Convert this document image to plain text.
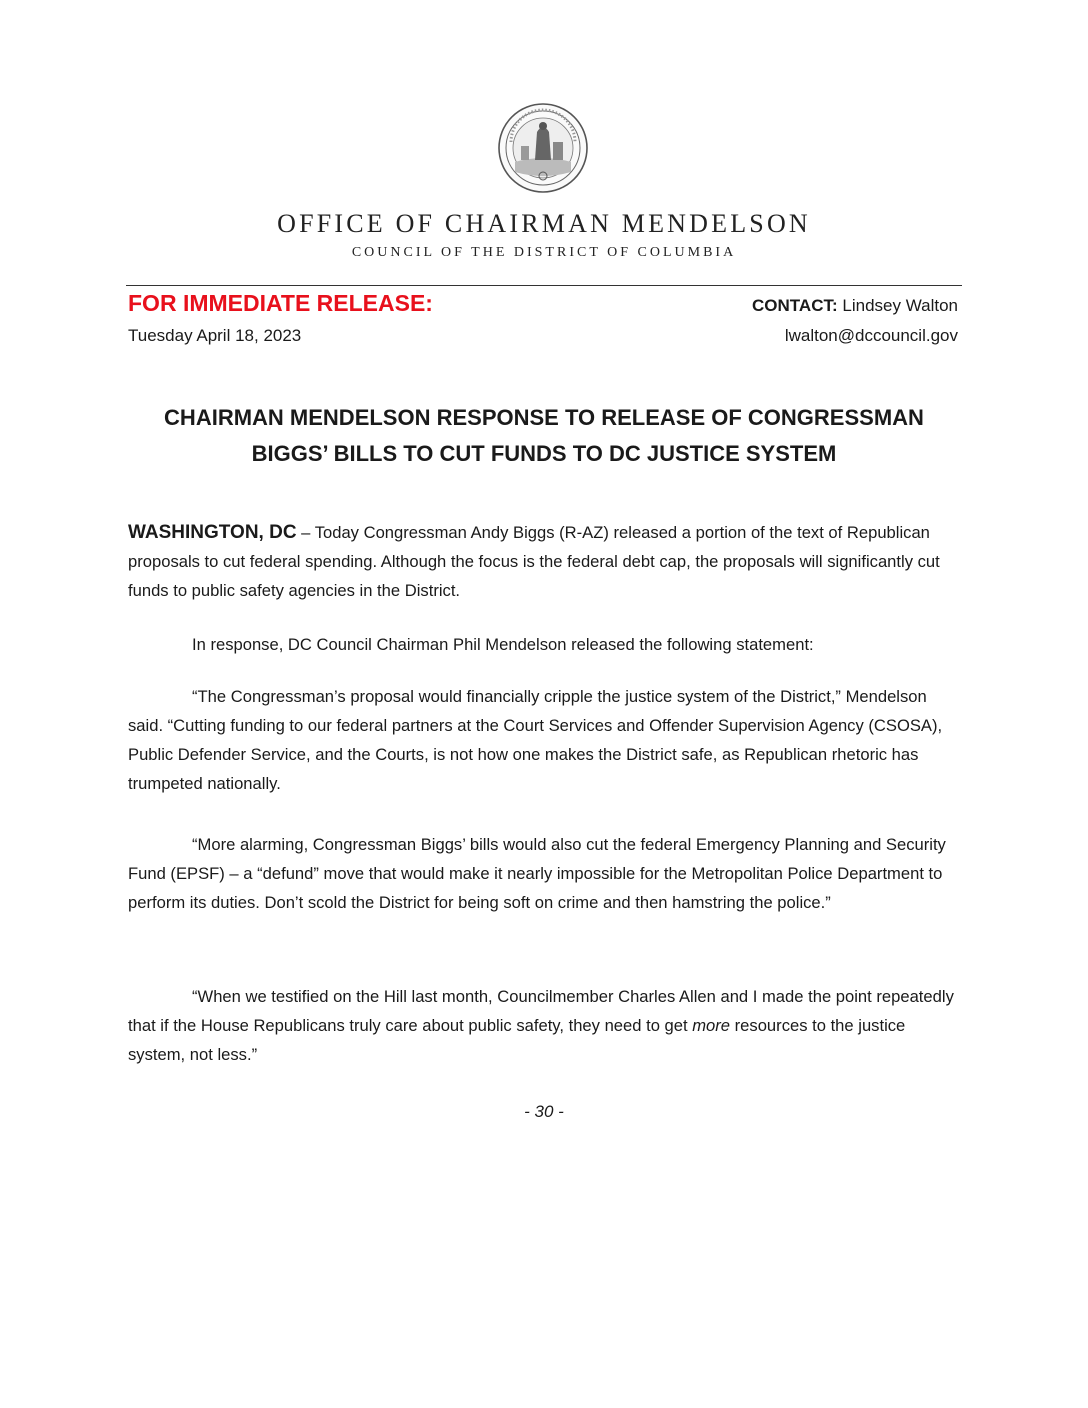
OFFICE OF CHAIRMAN MENDELSON
COUNCIL OF THE DISTRICT OF COLUMBIA
FOR IMMEDIATE RELEASE:
Tuesday April 18, 2023
CONTACT: Lindsey Walton
lwalton@dccouncil.gov
CHAIRMAN MENDELSON RESPONSE TO RELEASE OF CONGRESSMAN
BIGGS’ BILLS TO CUT FUNDS TO DC JUSTICE SYSTEM

WASHINGTON, DC – Today Congressman Andy Biggs (R-AZ) released a portion of the text of Republican proposals to cut federal spending. Although the focus is the federal debt cap, the proposals will significantly cut funds to public safety agencies in the District.

In response, DC Council Chairman Phil Mendelson released the following statement:

“The Congressman’s proposal would financially cripple the justice system of the District,” Mendelson said. “Cutting funding to our federal partners at the Court Services and Offender Supervision Agency (CSOSA), Public Defender Service, and the Courts, is not how one makes the District safe, as Republican rhetoric has trumpeted nationally.

“More alarming, Congressman Biggs’ bills would also cut the federal Emergency Planning and Security Fund (EPSF) – a “defund” move that would make it nearly impossible for the Metropolitan Police Department to perform its duties. Don’t scold the District for being soft on crime and then hamstring the police.”

“When we testified on the Hill last month, Councilmember Charles Allen and I made the point repeatedly that if the House Republicans truly care about public safety, they need to get more resources to the justice system, not less.”

- 30 -
